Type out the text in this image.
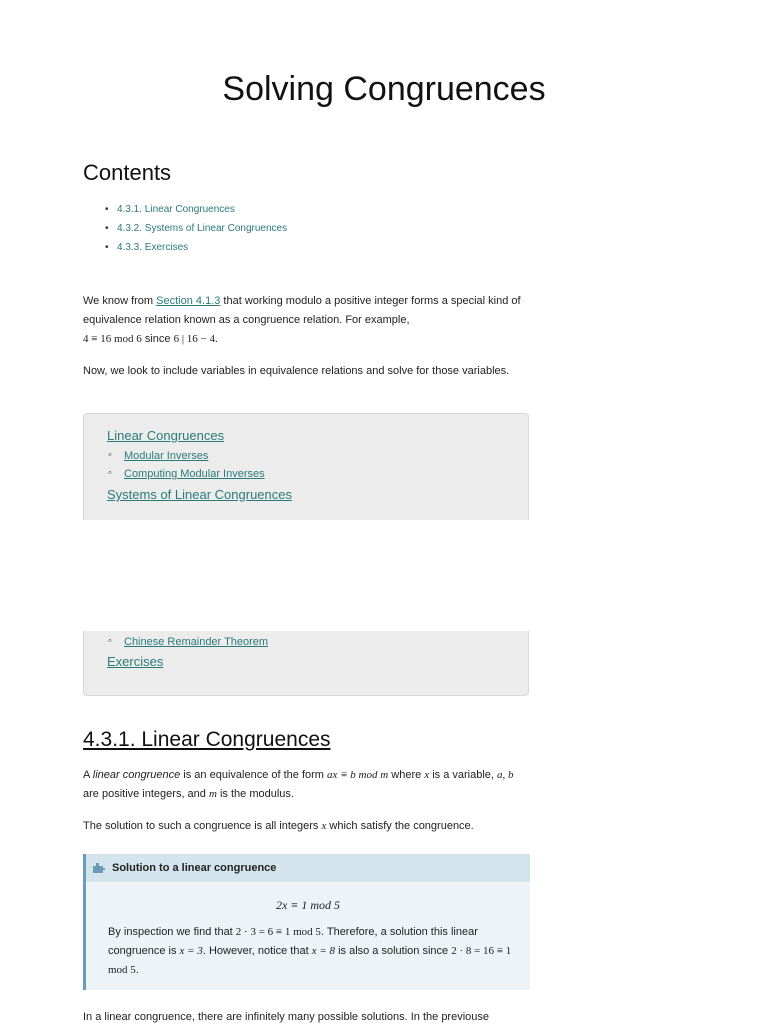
Solving Congruences
Contents
• 4.3.1. Linear Congruences
• 4.3.2. Systems of Linear Congruences
• 4.3.3. Exercises

We know from Section 4.1.3 that working modulo a positive integer forms a special kind of equivalence relation known as a congruence relation. For example,
4 ≡ 16 mod 6 since 6 | 16 − 4.

Now, we look to include variables in equivalence relations and solve for those variables.

Linear Congruences
◦ Modular Inverses
◦ Computing Modular Inverses
Systems of Linear Congruences
◦ Chinese Remainder Theorem
Exercises
4.3.1. Linear Congruences

A linear congruence is an equivalence of the form ax ≡ b mod m where x is a variable, a, b are positive integers, and m is the modulus.

The solution to such a congruence is all integers x which satisfy the congruence.

Solution to a linear congruence
2x ≡ 1 mod 5
By inspection we find that 2 · 3 = 6 ≡ 1 mod 5. Therefore, a solution this linear congruence is x = 3. However, notice that x = 8 is also a solution since 2 · 8 = 16 ≡ 1 mod 5.

In a linear congruence, there are infinitely many possible solutions. In the previouse
